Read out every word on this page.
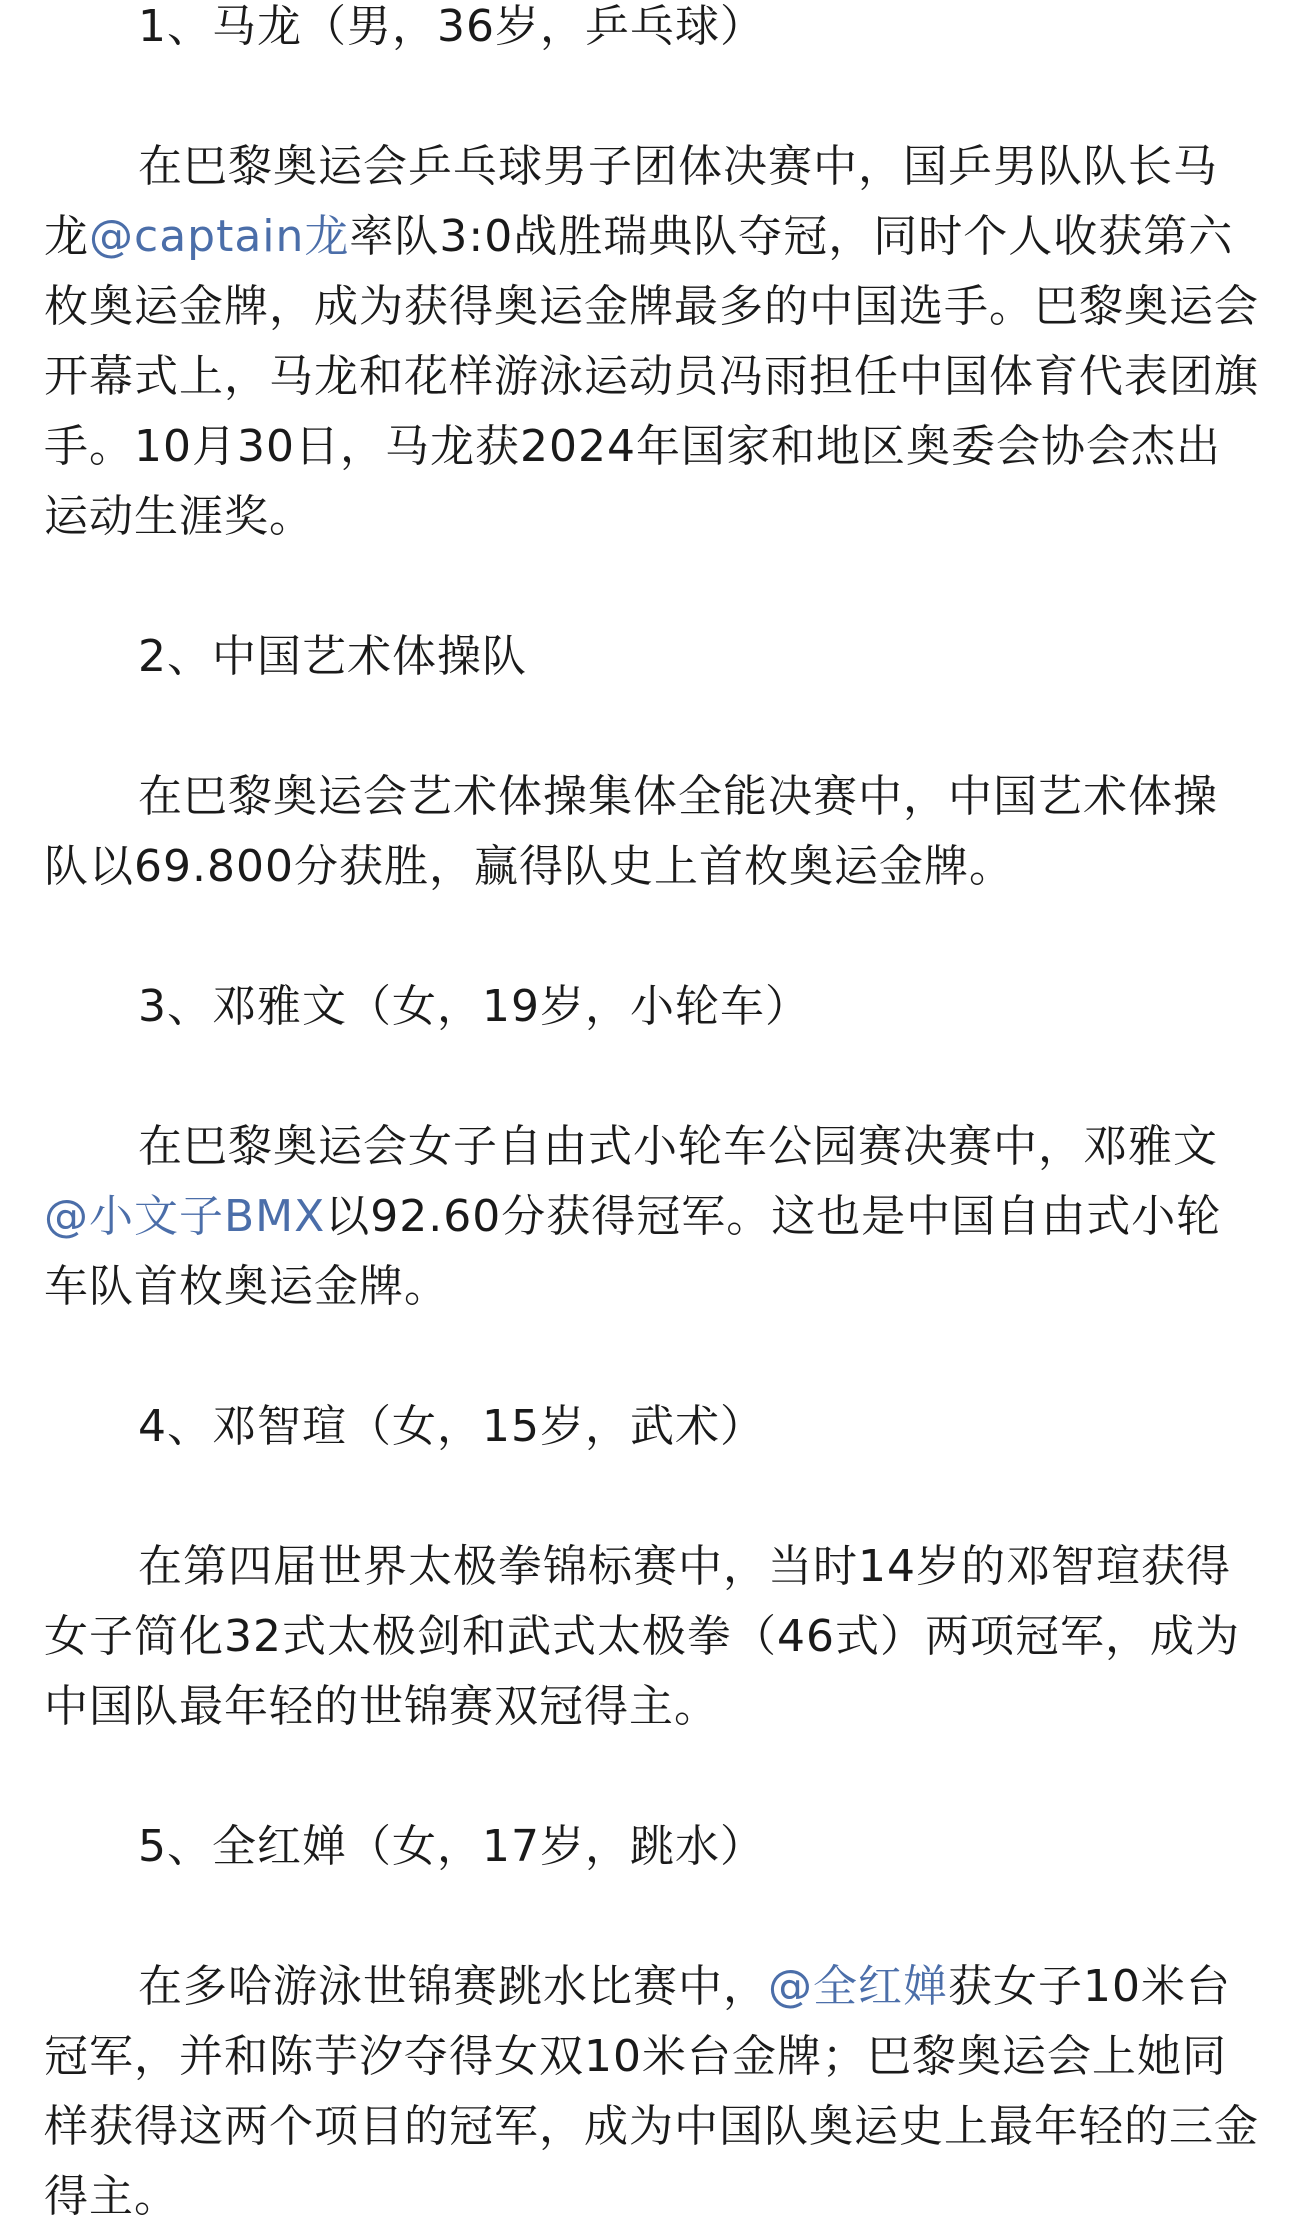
1、马龙（男，36岁，乒乓球）

在巴黎奥运会乒乓球男子团体决赛中，国乒男队队长马龙@captain龙率队3:0战胜瑞典队夺冠，同时个人收获第六枚奥运金牌，成为获得奥运金牌最多的中国选手。巴黎奥运会开幕式上，马龙和花样游泳运动员冯雨担任中国体育代表团旗手。10月30日，马龙获2024年国家和地区奥委会协会杰出运动生涯奖。

2、中国艺术体操队

在巴黎奥运会艺术体操集体全能决赛中，中国艺术体操队以69.800分获胜，赢得队史上首枚奥运金牌。

3、邓雅文（女，19岁，小轮车）

在巴黎奥运会女子自由式小轮车公园赛决赛中，邓雅文@小文子BMX以92.60分获得冠军。这也是中国自由式小轮车队首枚奥运金牌。

4、邓智瑄（女，15岁，武术）

在第四届世界太极拳锦标赛中，当时14岁的邓智瑄获得女子简化32式太极剑和武式太极拳（46式）两项冠军，成为中国队最年轻的世锦赛双冠得主。

5、全红婵（女，17岁，跳水）

在多哈游泳世锦赛跳水比赛中，@全红婵获女子10米台冠军，并和陈芋汐夺得女双10米台金牌；巴黎奥运会上她同样获得这两个项目的冠军，成为中国队奥运史上最年轻的三金得主。
